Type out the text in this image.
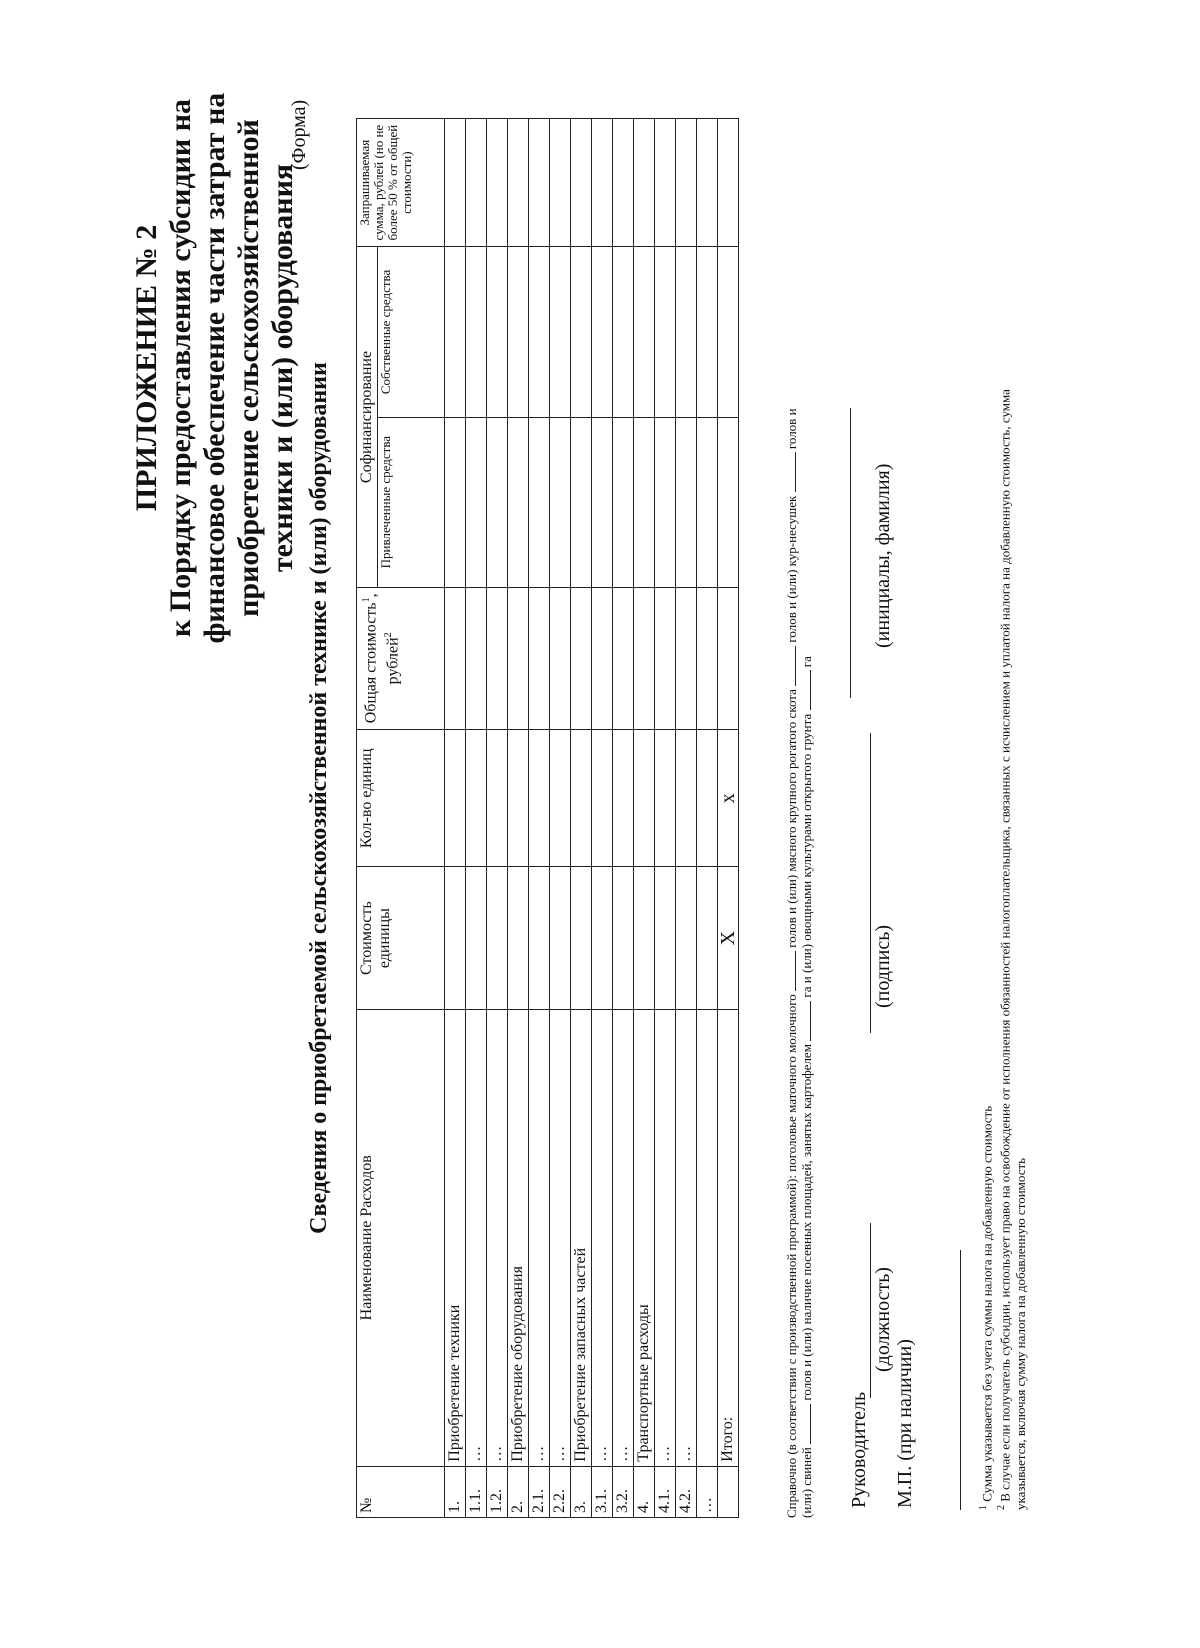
ПРИЛОЖЕНИЕ № 2 к Порядку предоставления субсидии на финансовое обеспечение части затрат на приобретение сельскохозяйственной техники и (или) оборудования
(Форма)
Сведения о приобретаемой сельскохозяйственной технике и (или) оборудовании
№	Наименование Расходов	Стоимость единицы	Кол-во единиц	Общая стоимость$^1$, рублей$^2$	Софинансирование		Запрашиваемая сумма, рублей (но не более 50 % от общей стоимости)
					Привлеченные средства	Собственные средства	
1.	Приобретение техники						
1.1.	…						
1.2.	…						
2.	Приобретение оборудования						
2.1.	…						
2.2.	…						
3.	Приобретение запасных частей						
3.1.	…						
3.2.	…						
4.	Транспортные расходы						
4.1.	…						
4.2.	…						
…							
	Итого:	X	x				
Справочно (в соответствии с производственной программой): поголовье маточного молочного  голов и (или) мясного крупного рогатого скота  голов и (или) кур-несушек  голов и
(или) свиней  голов и (или) наличие посевных площадей, занятых картофелем  га и (или) овощными культурами открытого грунта  га
Руководитель
(должность)
(подпись)
(инициалы, фамилия)
М.П. (при наличии)	$^1$ Сумма указывается без учета суммы налога на добавленную стоимость
$^2$ В случае если получатель субсидии, использует право на освобождение от исполнения обязанностей налогоплательщика, связанных с исчислением и уплатой налога на добавленную стоимость, сумма указывается, включая сумму налога на добавленную стоимость
